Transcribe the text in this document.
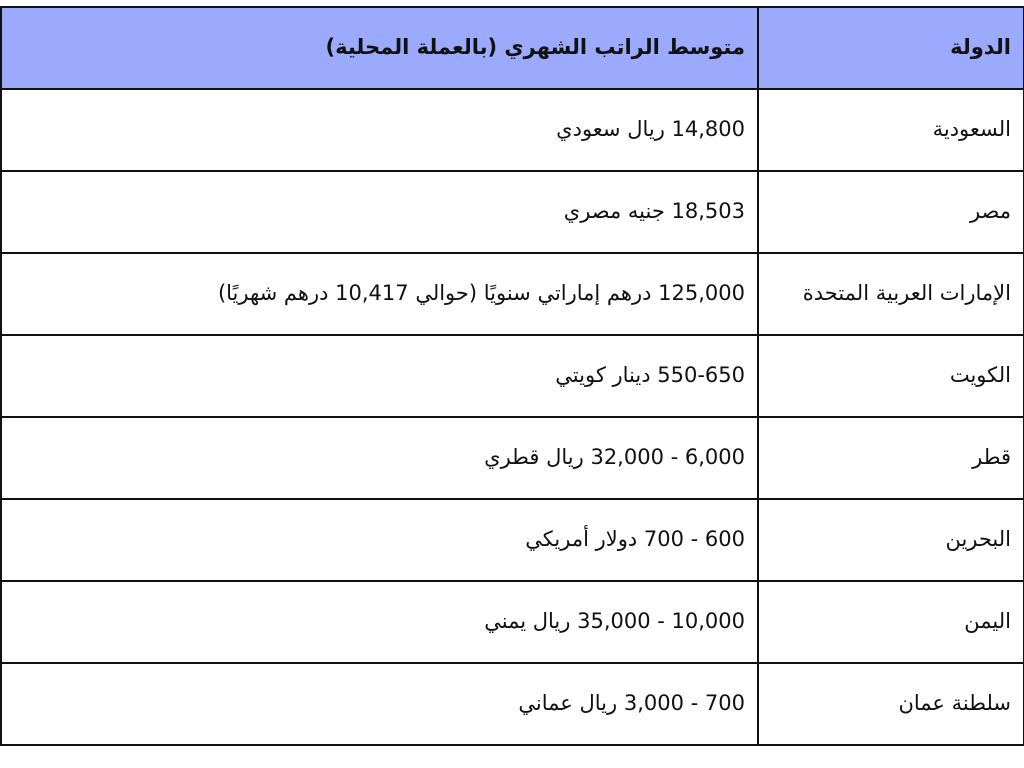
الدولة	متوسط الراتب الشهري (بالعملة المحلية)
السعودية	14,800 ريال سعودي
مصر	18,503 جنيه مصري
الإمارات العربية المتحدة	125,000 درهم إماراتي سنويًا (حوالي 10,417 درهم شهريًا)
الكويت	550-650 دينار كويتي
قطر	6,000 - 32,000 ريال قطري
البحرين	600 - 700 دولار أمريكي
اليمن	10,000 - 35,000 ريال يمني
سلطنة عمان	700 - 3,000 ريال عماني
